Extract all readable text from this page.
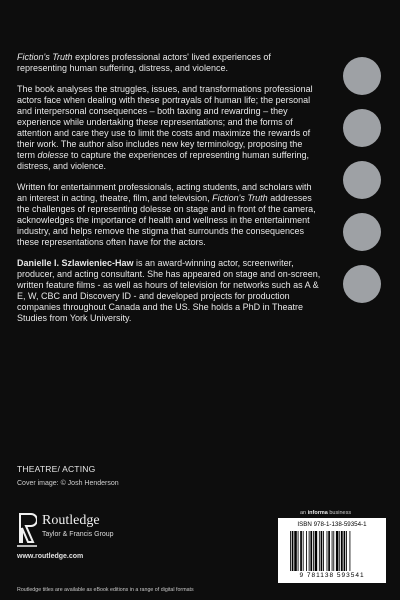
Fiction's Truth explores professional actors' lived experiences of representing human suffering, distress, and violence.

The book analyses the struggles, issues, and transformations professional actors face when dealing with these portrayals of human life; the personal and interpersonal consequences – both taxing and rewarding – they experience while undertaking these representations; and the forms of attention and care they use to limit the costs and maximize the rewards of their work. The author also includes new key terminology, proposing the term dolesse to capture the experiences of representing human suffering, distress, and violence.

Written for entertainment professionals, acting students, and scholars with an interest in acting, theatre, film, and television, Fiction's Truth addresses the challenges of representing dolesse on stage and in front of the camera, acknowledges the importance of health and wellness in the entertainment industry, and helps remove the stigma that surrounds the consequences these representations often have for the actors.

Danielle I. Szlawieniec-Haw is an award-winning actor, screenwriter, producer, and acting consultant. She has appeared on stage and on-screen, written feature films - as well as hours of television for networks such as A & E, W, CBC and Discovery ID - and developed projects for production companies throughout Canada and the US. She holds a PhD in Theatre Studies from York University.

THEATRE/ ACTING
Cover image: © Josh Henderson
Routledge
Taylor & Francis Group
www.routledge.com
an informa business
ISBN 978-1-138-59354-1
9 781138 593541
Routledge titles are available as eBook editions in a range of digital formats
